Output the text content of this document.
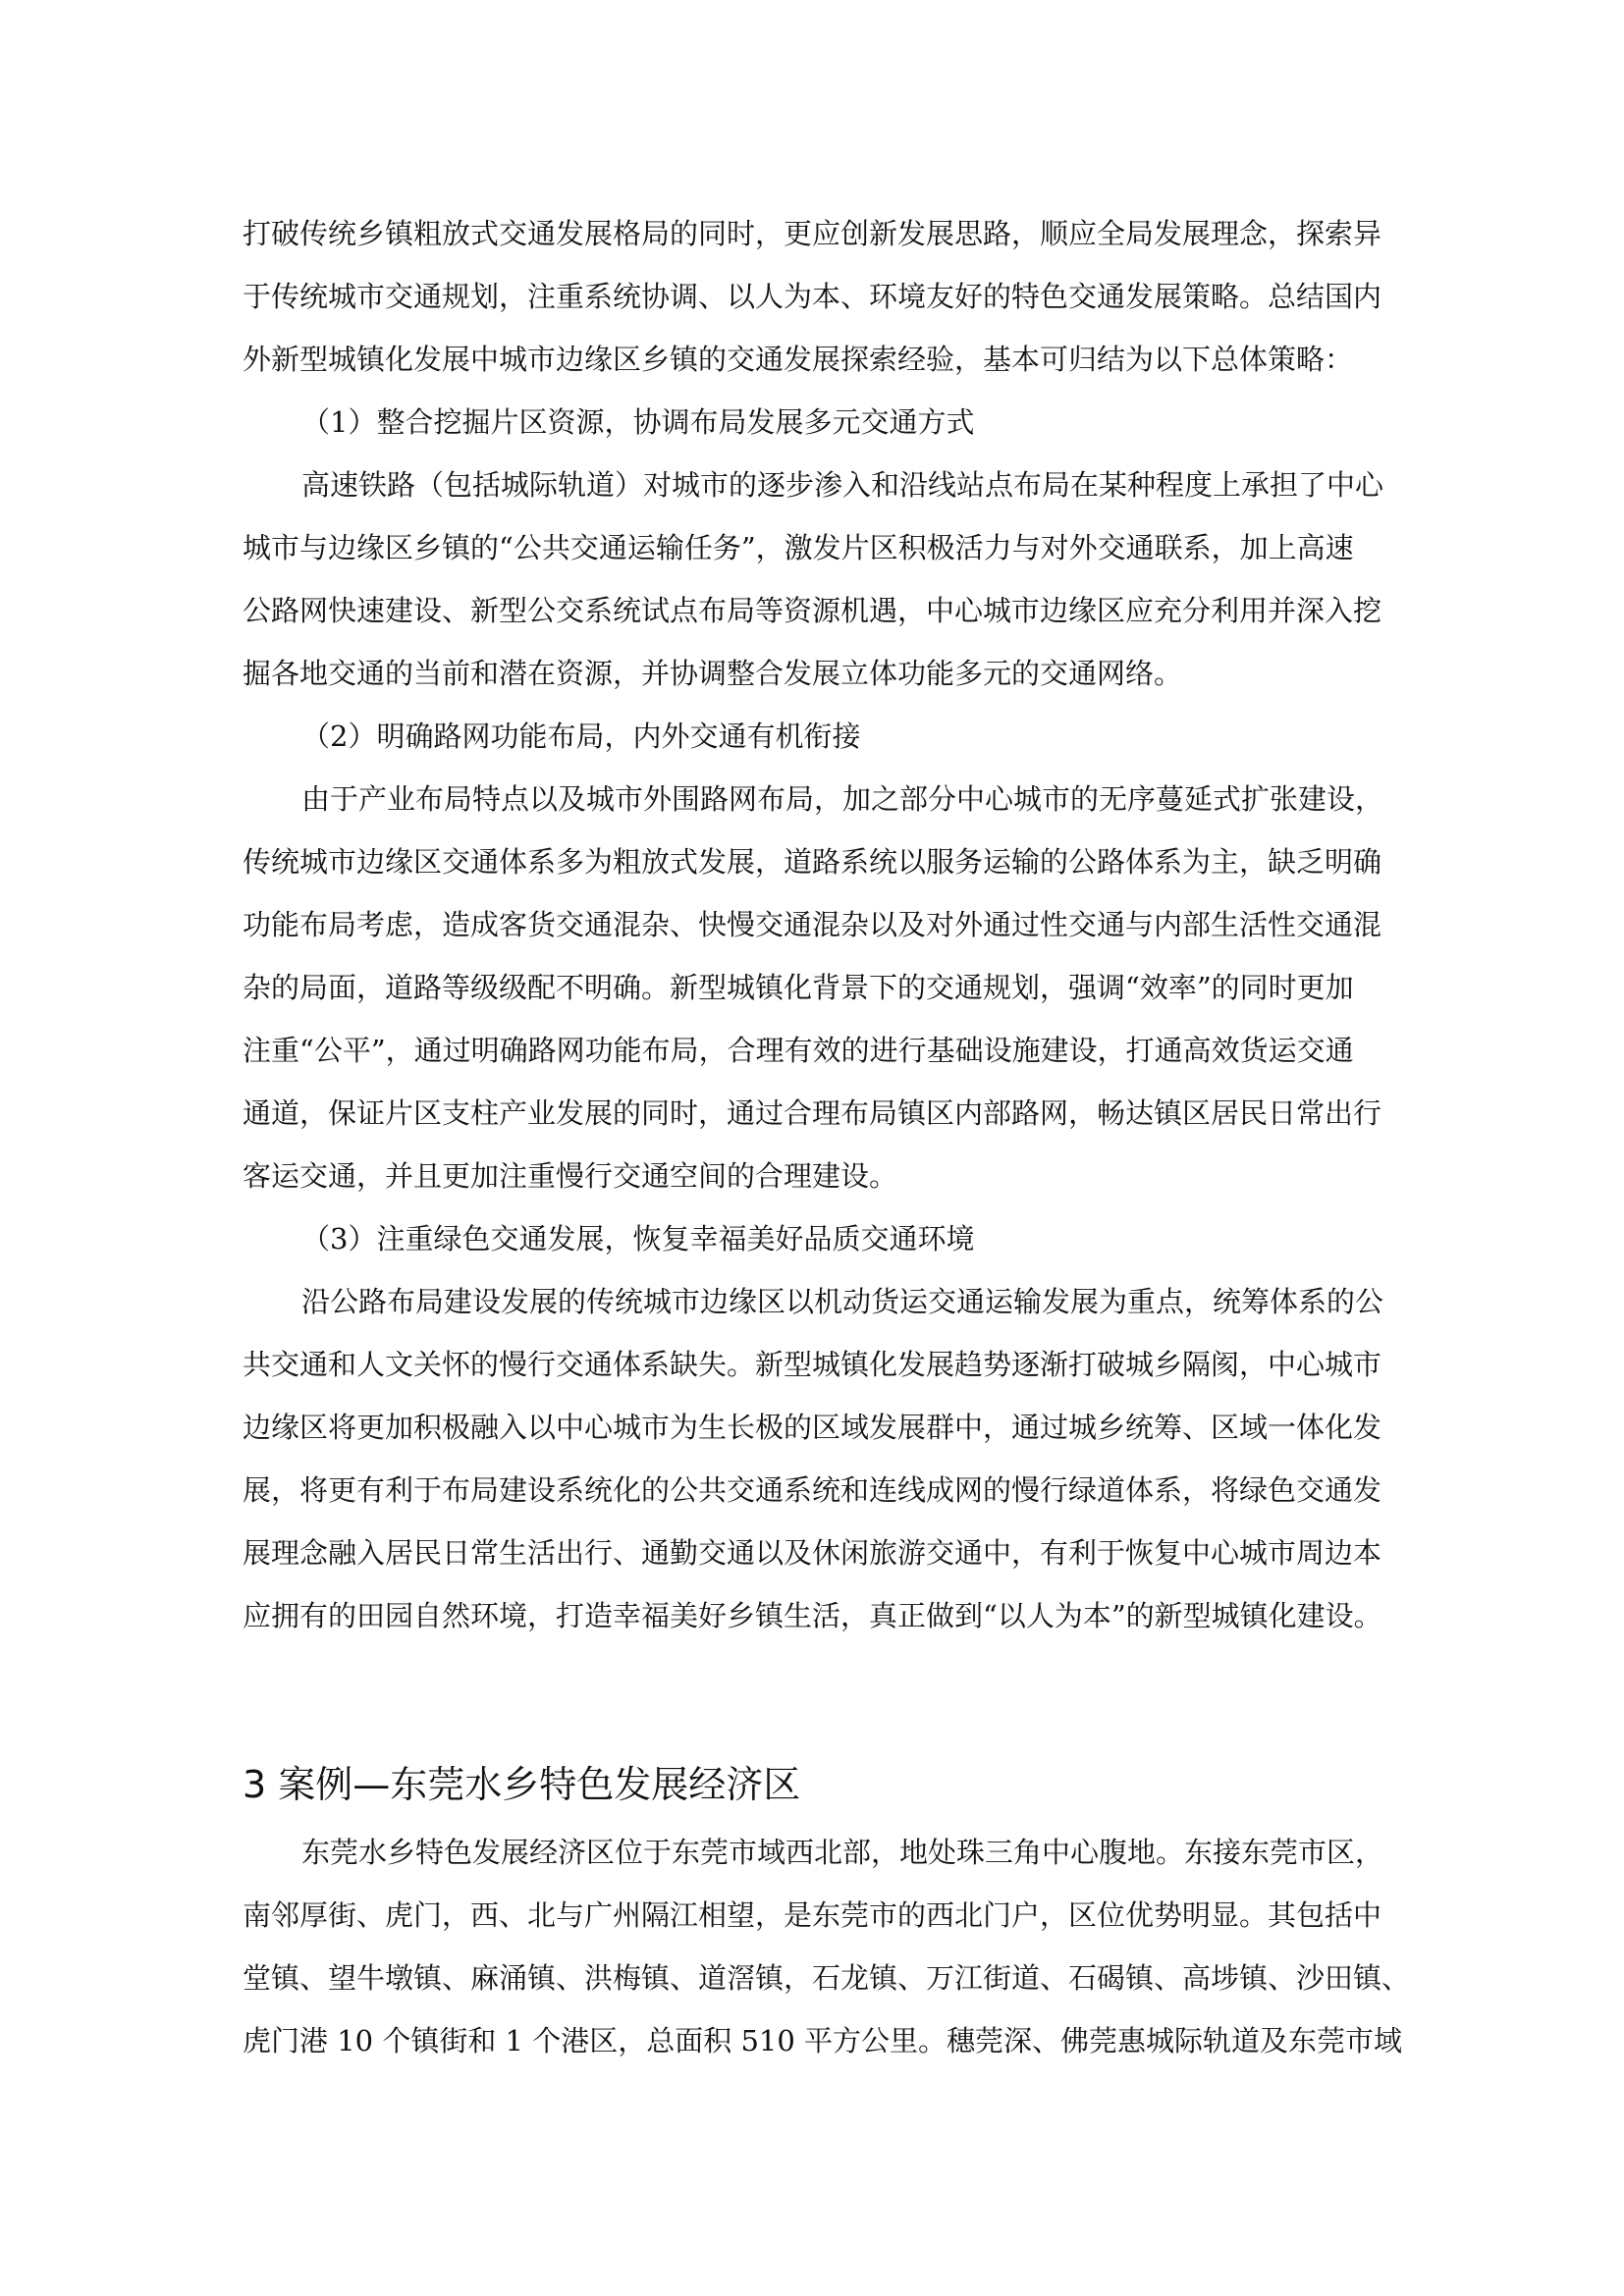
打破传统乡镇粗放式交通发展格局的同时，更应创新发展思路，顺应全局发展理念，探索异
于传统城市交通规划，注重系统协调、以人为本、环境友好的特色交通发展策略。总结国内
外新型城镇化发展中城市边缘区乡镇的交通发展探索经验，基本可归结为以下总体策略：
（1）整合挖掘片区资源，协调布局发展多元交通方式
高速铁路（包括城际轨道）对城市的逐步渗入和沿线站点布局在某种程度上承担了中心
城市与边缘区乡镇的“公共交通运输任务”，激发片区积极活力与对外交通联系，加上高速
公路网快速建设、新型公交系统试点布局等资源机遇，中心城市边缘区应充分利用并深入挖
掘各地交通的当前和潜在资源，并协调整合发展立体功能多元的交通网络。
（2）明确路网功能布局，内外交通有机衔接
由于产业布局特点以及城市外围路网布局，加之部分中心城市的无序蔓延式扩张建设，
传统城市边缘区交通体系多为粗放式发展，道路系统以服务运输的公路体系为主，缺乏明确
功能布局考虑，造成客货交通混杂、快慢交通混杂以及对外通过性交通与内部生活性交通混
杂的局面，道路等级级配不明确。新型城镇化背景下的交通规划，强调“效率”的同时更加
注重“公平”，通过明确路网功能布局，合理有效的进行基础设施建设，打通高效货运交通
通道，保证片区支柱产业发展的同时，通过合理布局镇区内部路网，畅达镇区居民日常出行
客运交通，并且更加注重慢行交通空间的合理建设。
（3）注重绿色交通发展，恢复幸福美好品质交通环境
沿公路布局建设发展的传统城市边缘区以机动货运交通运输发展为重点，统筹体系的公
共交通和人文关怀的慢行交通体系缺失。新型城镇化发展趋势逐渐打破城乡隔阂，中心城市
边缘区将更加积极融入以中心城市为生长极的区域发展群中，通过城乡统筹、区域一体化发
展，将更有利于布局建设系统化的公共交通系统和连线成网的慢行绿道体系，将绿色交通发
展理念融入居民日常生活出行、通勤交通以及休闲旅游交通中，有利于恢复中心城市周边本
应拥有的田园自然环境，打造幸福美好乡镇生活，真正做到“以人为本”的新型城镇化建设。
3 案例—东莞水乡特色发展经济区
东莞水乡特色发展经济区位于东莞市域西北部，地处珠三角中心腹地。东接东莞市区，
南邻厚街、虎门，西、北与广州隔江相望，是东莞市的西北门户，区位优势明显。其包括中
堂镇、望牛墩镇、麻涌镇、洪梅镇、道滘镇，石龙镇、万江街道、石碣镇、高埗镇、沙田镇、
虎门港 10 个镇街和 1 个港区，总面积 510 平方公里。穗莞深、佛莞惠城际轨道及东莞市域
